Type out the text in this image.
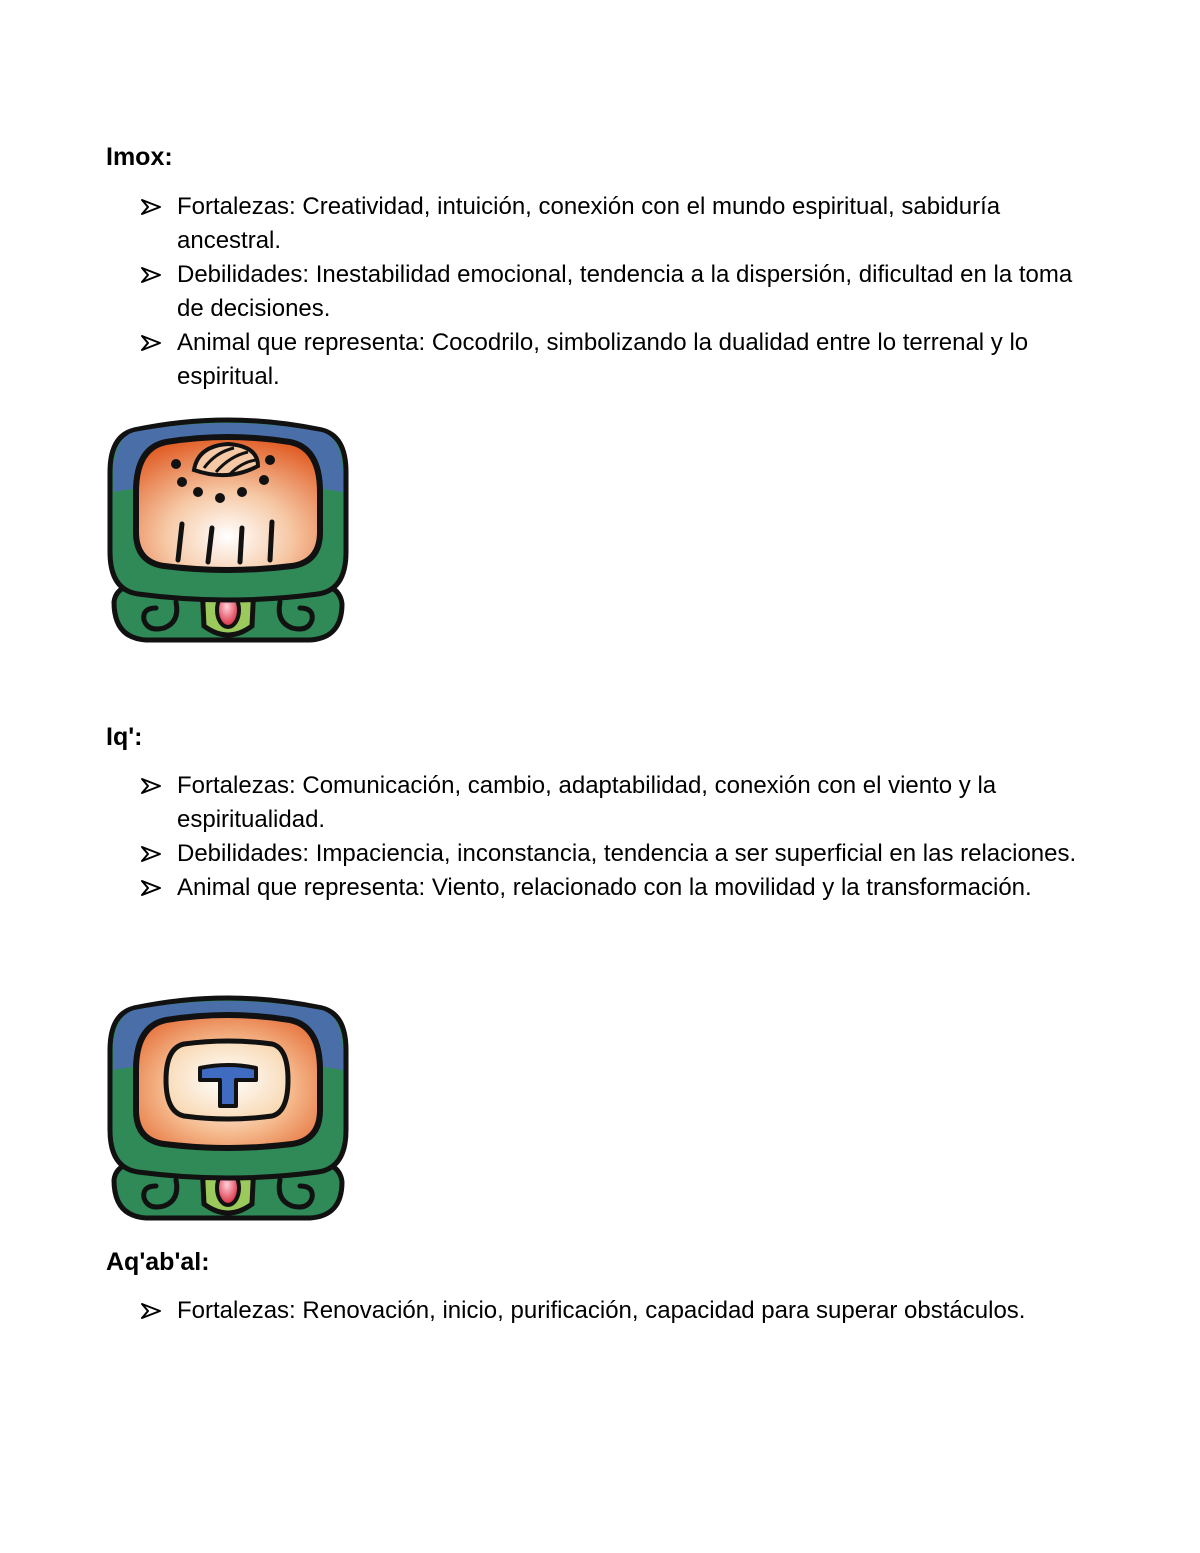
Imox:
Fortalezas: Creatividad, intuición, conexión con el mundo espiritual, sabiduría ancestral.
Debilidades: Inestabilidad emocional, tendencia a la dispersión, dificultad en la toma de decisiones.
Animal que representa: Cocodrilo, simbolizando la dualidad entre lo terrenal y lo espiritual.
Iq':
Fortalezas: Comunicación, cambio, adaptabilidad, conexión con el viento y la espiritualidad.
Debilidades: Impaciencia, inconstancia, tendencia a ser superficial en las relaciones.
Animal que representa: Viento, relacionado con la movilidad y la transformación.
Aq'ab'al:
Fortalezas: Renovación, inicio, purificación, capacidad para superar obstáculos.
